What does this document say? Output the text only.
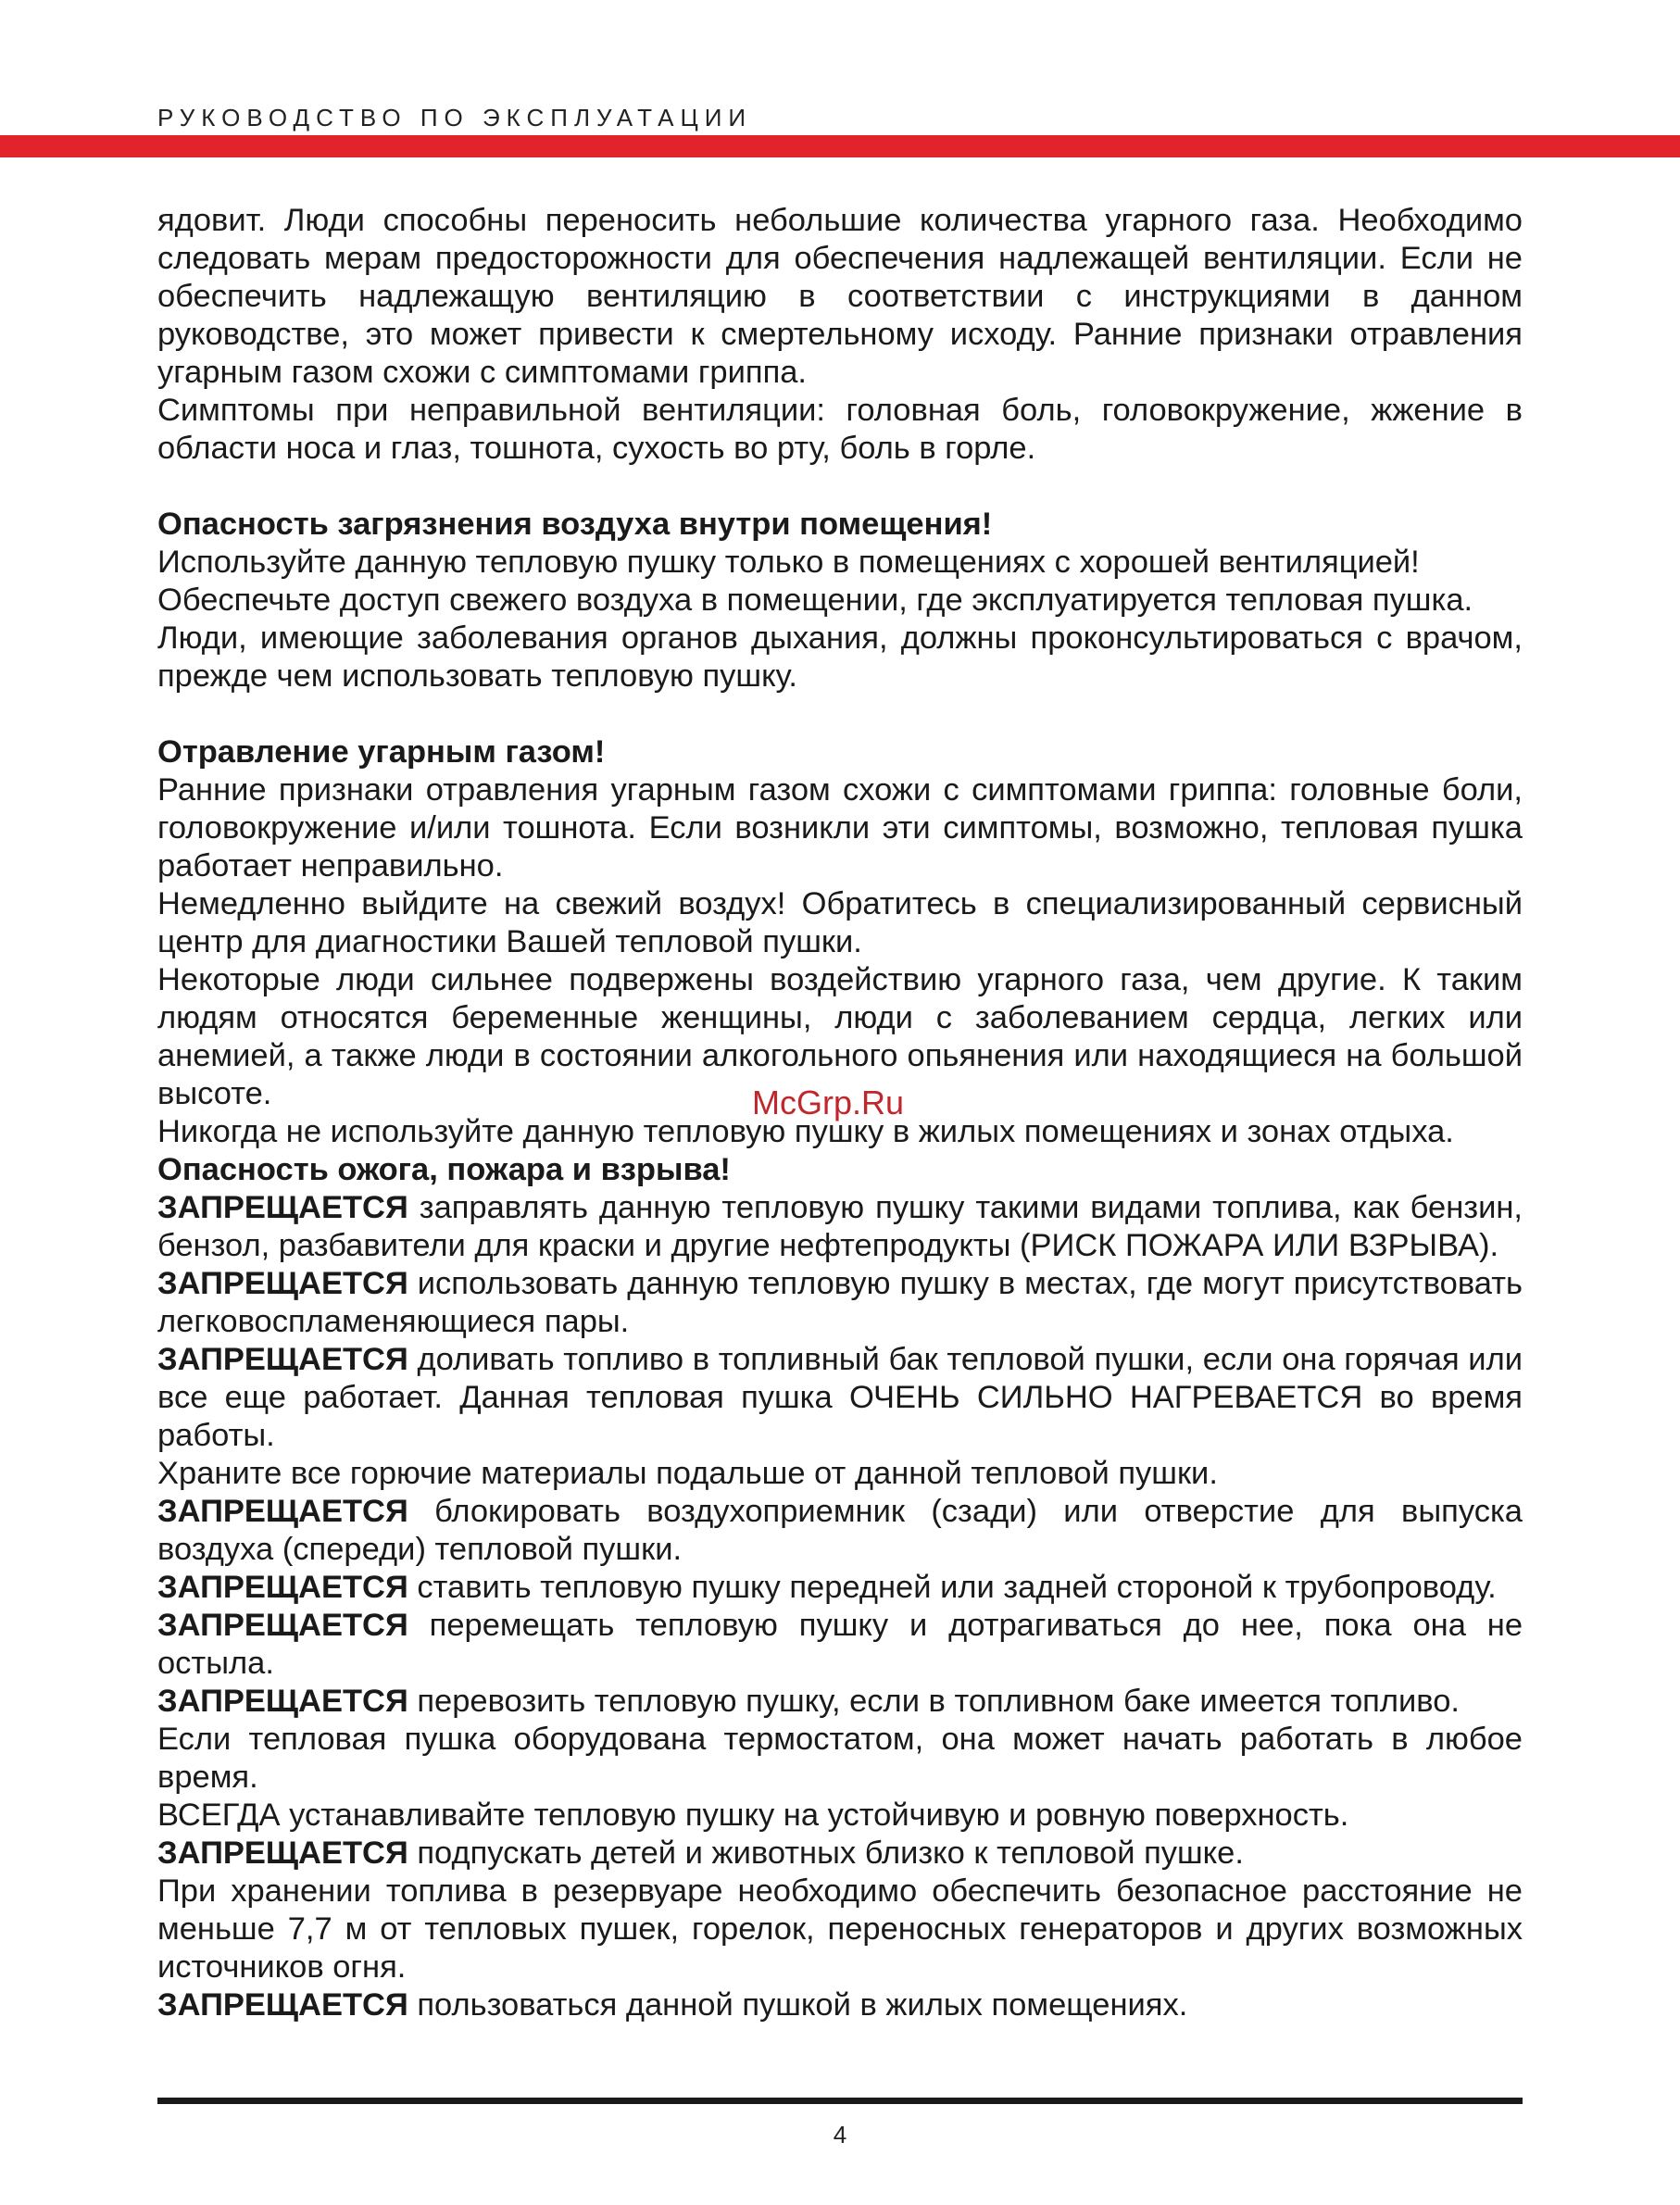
РУКОВОДСТВО ПО ЭКСПЛУАТАЦИИ

ядовит. Люди способны переносить небольшие количества угарного газа. Необходимо следовать мерам предосторожности для обеспечения надлежащей вентиляции. Если не обеспечить надлежащую вентиляцию в соответствии с инструкциями в данном руководстве, это может привести к смертельному исходу. Ранние признаки отравления угарным газом схожи с симптомами гриппа.

Симптомы при неправильной вентиляции: головная боль, головокружение, жжение в области носа и глаз, тошнота, сухость во рту, боль в горле.

Опасность загрязнения воздуха внутри помещения!

Используйте данную тепловую пушку только в помещениях с хорошей вентиляцией!

Обеспечьте доступ свежего воздуха в помещении, где эксплуатируется тепловая пушка.

Люди, имеющие заболевания органов дыхания, должны проконсультироваться с врачом, прежде чем использовать тепловую пушку.

Отравление угарным газом!

Ранние признаки отравления угарным газом схожи с симптомами гриппа: головные боли, головокружение и/или тошнота. Если возникли эти симптомы, возможно, тепловая пушка работает неправильно.

Немедленно выйдите на свежий воздух! Обратитесь в специализированный сервисный центр для диагностики Вашей тепловой пушки.

Некоторые люди сильнее подвержены воздействию угарного газа, чем другие. К таким людям относятся беременные женщины, люди с заболеванием сердца, легких или анемией, а также люди в состоянии алкогольного опьянения или находящиеся на большой высоте.

Никогда не используйте данную тепловую пушку в жилых помещениях и зонах отдыха.

Опасность ожога, пожара и взрыва!

ЗАПРЕЩАЕТСЯ заправлять данную тепловую пушку такими видами топлива, как бензин, бензол, разбавители для краски и другие нефтепродукты (РИСК ПОЖАРА ИЛИ ВЗРЫВА).

ЗАПРЕЩАЕТСЯ использовать данную тепловую пушку в местах, где могут присутствовать легковоспламеняющиеся пары.

ЗАПРЕЩАЕТСЯ доливать топливо в топливный бак тепловой пушки, если она горячая или все еще работает. Данная тепловая пушка ОЧЕНЬ СИЛЬНО НАГРЕВАЕТСЯ во время работы.

Храните все горючие материалы подальше от данной тепловой пушки.

ЗАПРЕЩАЕТСЯ блокировать воздухоприемник (сзади) или отверстие для выпуска воздуха (спереди) тепловой пушки.

ЗАПРЕЩАЕТСЯ ставить тепловую пушку передней или задней стороной к трубопроводу.

ЗАПРЕЩАЕТСЯ перемещать тепловую пушку и дотрагиваться до нее, пока она не остыла.

ЗАПРЕЩАЕТСЯ перевозить тепловую пушку, если в топливном баке имеется топливо.

Если тепловая пушка оборудована термостатом, она может начать работать в любое время.

ВСЕГДА устанавливайте тепловую пушку на устойчивую и ровную поверхность.

ЗАПРЕЩАЕТСЯ подпускать детей и животных близко к тепловой пушке.

При хранении топлива в резервуаре необходимо обеспечить безопасное расстояние не меньше 7,7 м от тепловых пушек, горелок, переносных генераторов и других возможных источников огня.

ЗАПРЕЩАЕТСЯ пользоваться данной пушкой в жилых помещениях.

McGrp.Ru
4
